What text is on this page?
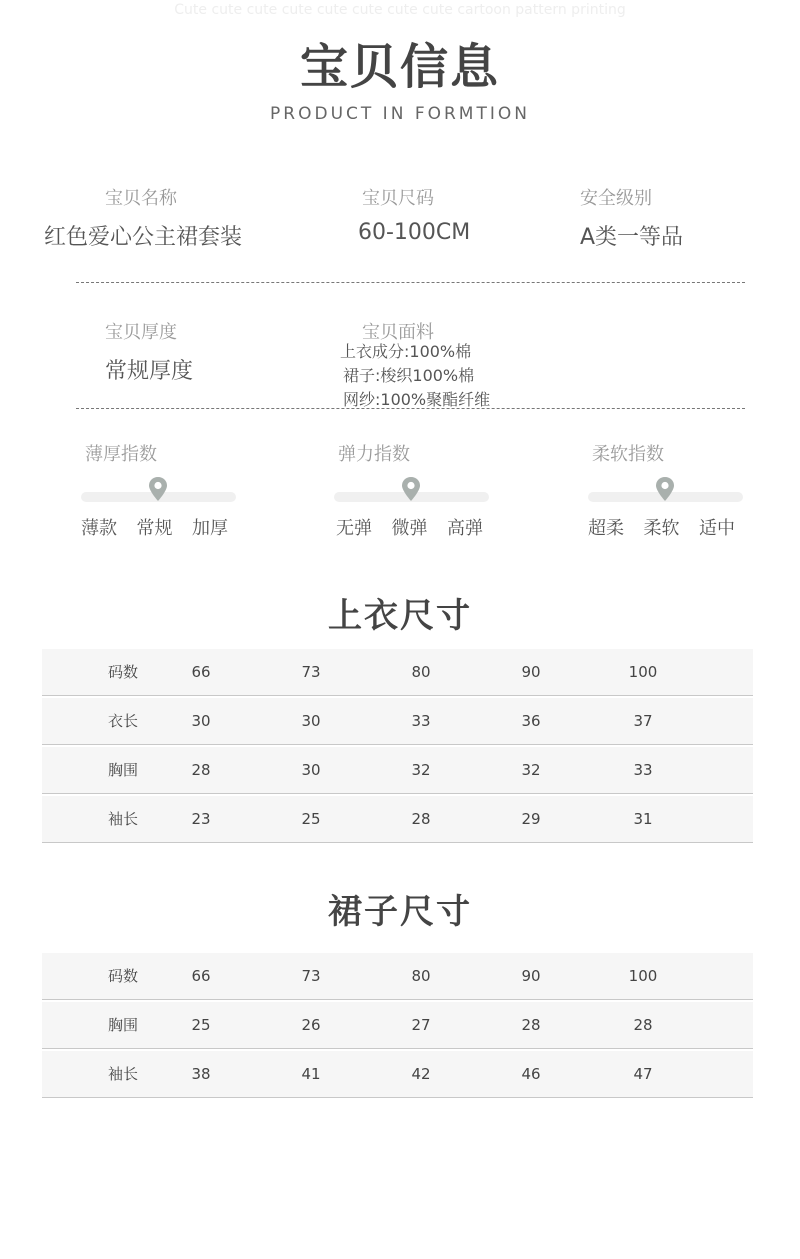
Cute cute cute cute cute cute cute cute cartoon pattern printing
宝贝信息
PRODUCT IN FORMTION
宝贝名称
红色爱心公主裙套装
宝贝尺码
60-100CM
安全级别
A类一等品
宝贝厚度
常规厚度
宝贝面料
上衣成分:100%棉
裙子:梭织100%棉
网纱:100%聚酯纤维
薄厚指数
薄款 常规 加厚
弹力指数
无弹 微弹 高弹
柔软指数
超柔 柔软 适中
上衣尺寸
码数	66	73	80	90	100
衣长	30	30	33	36	37
胸围	28	30	32	32	33
袖长	23	25	28	29	31
裙子尺寸
码数	66	73	80	90	100
胸围	25	26	27	28	28
袖长	38	41	42	46	47
